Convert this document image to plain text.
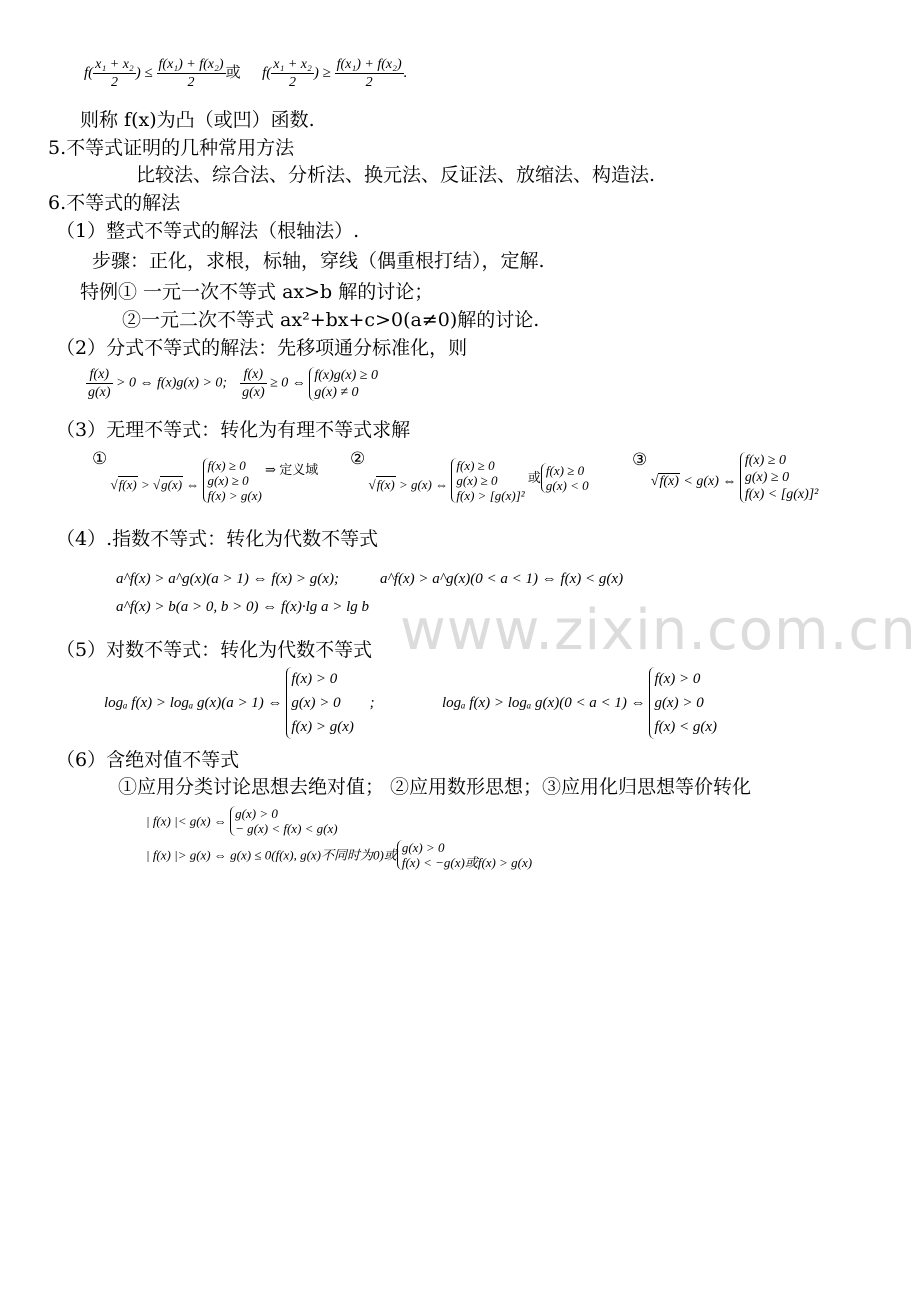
www.zixin.com.cn
$f( \frac{\text{x₁ + x₂}}{2}$ ) ≤ $\frac{\text{f(x₁) + f(x₂)}}{2}$ 或 $f( \frac{\text{x₁ + x₂}}{2}$ ) ≥ $\frac{\text{f(x₁) + f(x₂)}}{2}$ .
则称 f(x)为凸（或凹）函数.
5.不等式证明的几种常用方法
比较法、综合法、分析法、换元法、反证法、放缩法、构造法.
6.不等式的解法
（1）整式不等式的解法（根轴法）.
步骤：正化，求根，标轴，穿线（偶重根打结），定解.
特例① 一元一次不等式 ax>b 解的讨论；
②一元二次不等式 ax²+bx+c>0(a≠0)解的讨论.
（2）分式不等式的解法：先移项通分标准化，则
$\frac{f(x)}{g(x)} > 0$ ⇔ f(x)g(x) > 0; $\frac{f(x)}{g(x)} \ge 0$ ⇔
f(x)g(x) ≥ 0
g(x) ≠ 0
（3）无理不等式：转化为有理不等式求解
① √f(x) > √g(x) ⇔
f(x) ≥ 0
g(x) ≥ 0
f(x) > g(x)
⇒ 定义域
② √f(x) > g(x) ⇔
f(x) ≥ 0
g(x) ≥ 0
f(x) > [g(x)]²
或 f(x) ≥ 0
g(x) < 0
③ √f(x) < g(x) ⇔
f(x) ≥ 0
g(x) ≥ 0
f(x) < [g(x)]²
（4）.指数不等式：转化为代数不等式
a^f(x) > a^g(x)(a > 1) ⇔ f(x) > g(x);	a^f(x) > a^g(x)(0 < a < 1) ⇔ f(x) < g(x)
a^f(x) > b(a > 0, b > 0) ⇔ f(x)·lg a > lg b
（5）对数不等式：转化为代数不等式
logₐ f(x) > logₐ g(x)(a > 1) ⇔
f(x) > 0
g(x) > 0
f(x) > g(x)
;	logₐ f(x) > logₐ g(x)(0 < a < 1) ⇔
f(x) > 0
g(x) > 0
f(x) < g(x)
（6）含绝对值不等式
①应用分类讨论思想去绝对值； ②应用数形思想；③应用化归思想等价转化
| f(x) |< g(x) ⇔ g(x) > 0
− g(x) < f(x) < g(x)
| f(x) |> g(x) ⇔ g(x) ≤ 0(f(x), g(x)不同时为0)或 g(x) > 0
f(x) < −g(x)或f(x) > g(x)
